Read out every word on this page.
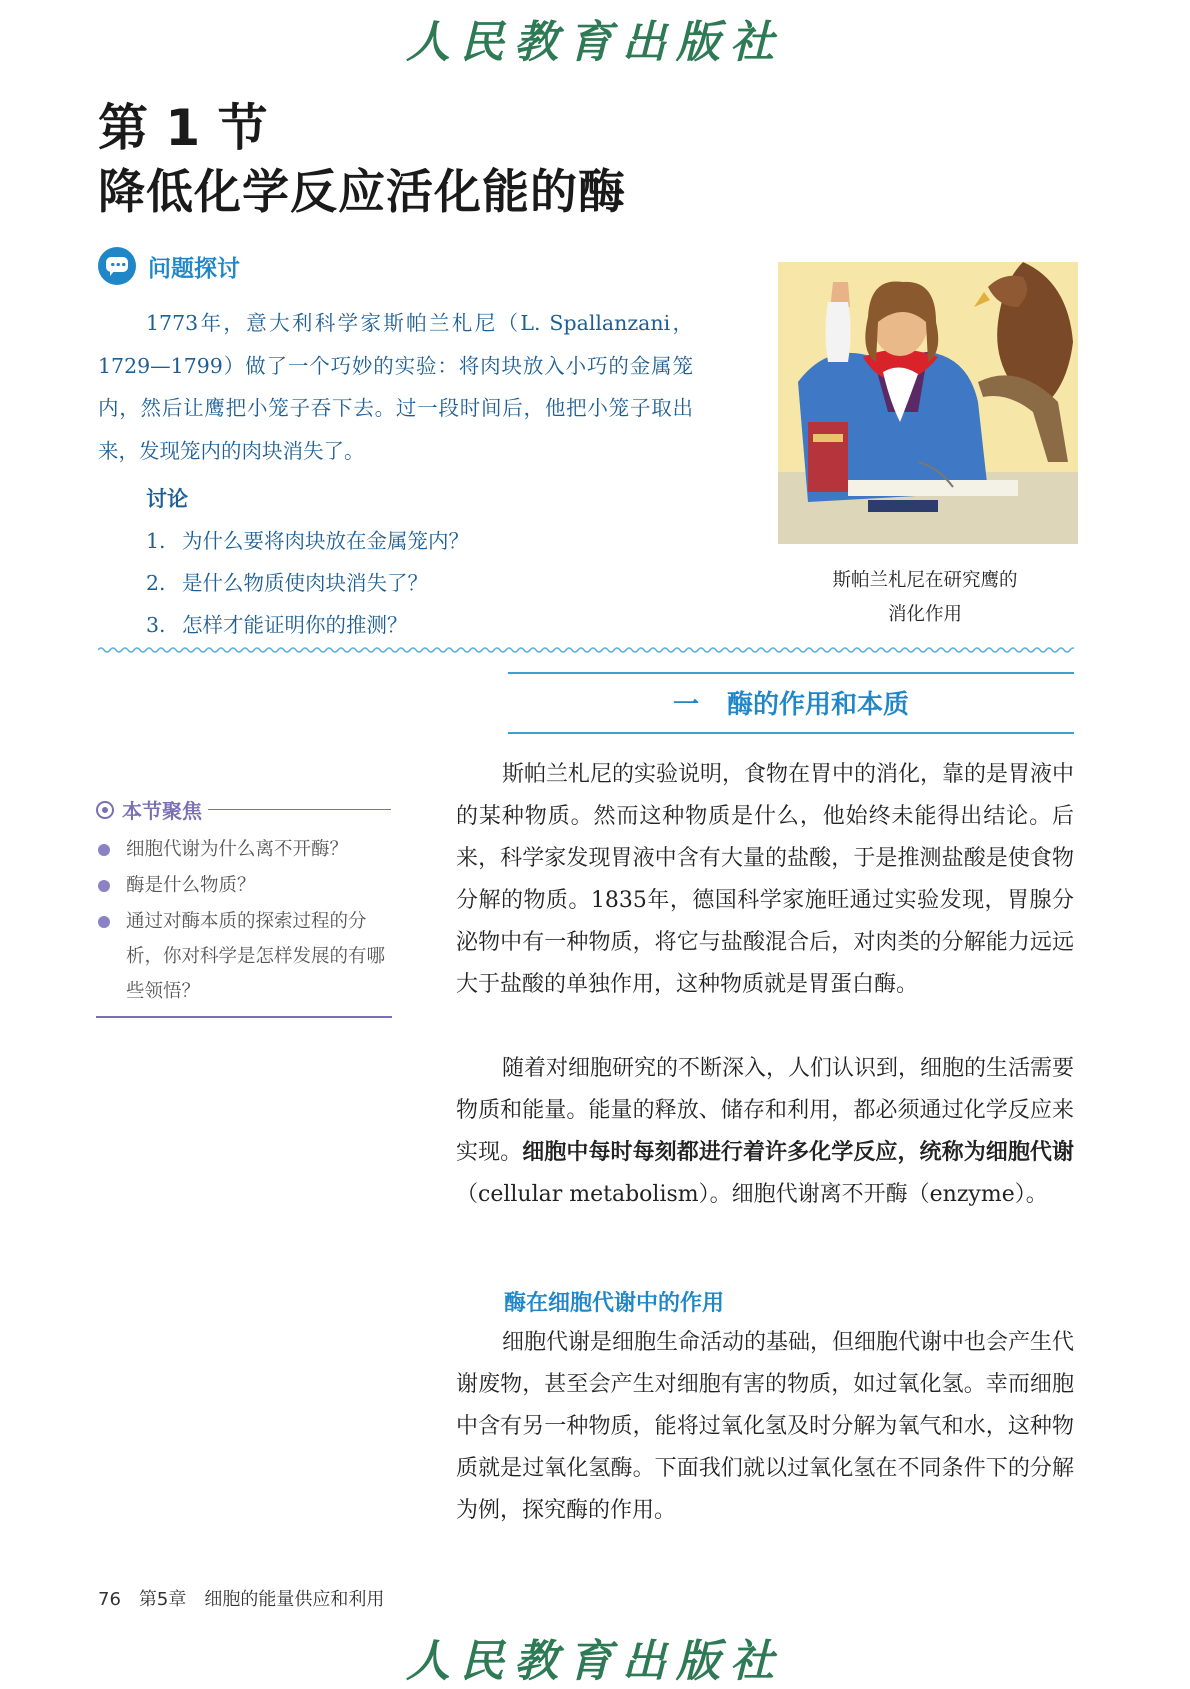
人民教育出版社
第 1 节
降低化学反应活化能的酶
问题探讨
1773年，意大利科学家斯帕兰札尼（L. Spallanzani，1729—1799）做了一个巧妙的实验：将肉块放入小巧的金属笼内，然后让鹰把小笼子吞下去。过一段时间后，他把小笼子取出来，发现笼内的肉块消失了。
讨论
1. 为什么要将肉块放在金属笼内？
2. 是什么物质使肉块消失了？
3. 怎样才能证明你的推测？
斯帕兰札尼在研究鹰的
消化作用
一 酶的作用和本质
本节聚焦
细胞代谢为什么离不开酶？
酶是什么物质？
通过对酶本质的探索过程的分析，你对科学是怎样发展的有哪些领悟？
斯帕兰札尼的实验说明，食物在胃中的消化，靠的是胃液中的某种物质。然而这种物质是什么，他始终未能得出结论。后来，科学家发现胃液中含有大量的盐酸，于是推测盐酸是使食物分解的物质。1835年，德国科学家施旺通过实验发现，胃腺分泌物中有一种物质，将它与盐酸混合后，对肉类的分解能力远远大于盐酸的单独作用，这种物质就是胃蛋白酶。
随着对细胞研究的不断深入，人们认识到，细胞的生活需要物质和能量。能量的释放、储存和利用，都必须通过化学反应来实现。细胞中每时每刻都进行着许多化学反应，统称为细胞代谢（cellular metabolism）。细胞代谢离不开酶（enzyme）。
酶在细胞代谢中的作用
细胞代谢是细胞生命活动的基础，但细胞代谢中也会产生代谢废物，甚至会产生对细胞有害的物质，如过氧化氢。幸而细胞中含有另一种物质，能将过氧化氢及时分解为氧气和水，这种物质就是过氧化氢酶。下面我们就以过氧化氢在不同条件下的分解为例，探究酶的作用。
76 第5章 细胞的能量供应和利用
人民教育出版社
